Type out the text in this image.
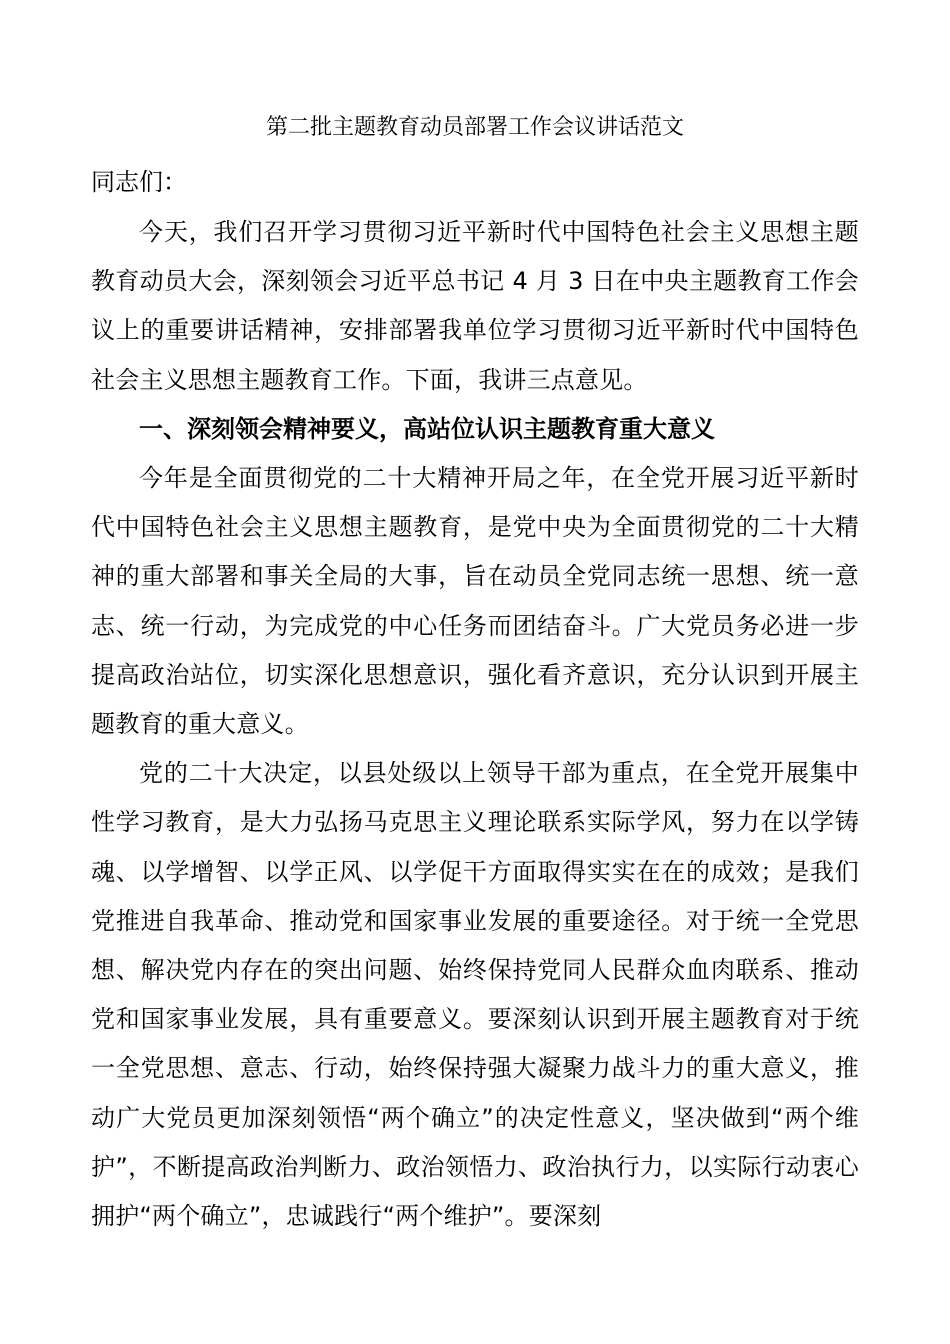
第二批主题教育动员部署工作会议讲话范文

同志们：

今天，我们召开学习贯彻习近平新时代中国特色社会主义思想主题教育动员大会，深刻领会习近平总书记 4 月 3 日在中央主题教育工作会议上的重要讲话精神，安排部署我单位学习贯彻习近平新时代中国特色社会主义思想主题教育工作。下面，我讲三点意见。

一、深刻领会精神要义，高站位认识主题教育重大意义

今年是全面贯彻党的二十大精神开局之年，在全党开展习近平新时代中国特色社会主义思想主题教育，是党中央为全面贯彻党的二十大精神的重大部署和事关全局的大事，旨在动员全党同志统一思想、统一意志、统一行动，为完成党的中心任务而团结奋斗。广大党员务必进一步提高政治站位，切实深化思想意识，强化看齐意识，充分认识到开展主题教育的重大意义。

党的二十大决定，以县处级以上领导干部为重点，在全党开展集中性学习教育，是大力弘扬马克思主义理论联系实际学风，努力在以学铸魂、以学增智、以学正风、以学促干方面取得实实在在的成效；是我们党推进自我革命、推动党和国家事业发展的重要途径。对于统一全党思想、解决党内存在的突出问题、始终保持党同人民群众血肉联系、推动党和国家事业发展，具有重要意义。要深刻认识到开展主题教育对于统一全党思想、意志、行动，始终保持强大凝聚力战斗力的重大意义，推动广大党员更加深刻领悟“两个确立”的决定性意义，坚决做到“两个维护”，不断提高政治判断力、政治领悟力、政治执行力，以实际行动衷心拥护“两个确立”，忠诚践行“两个维护”。要深刻
